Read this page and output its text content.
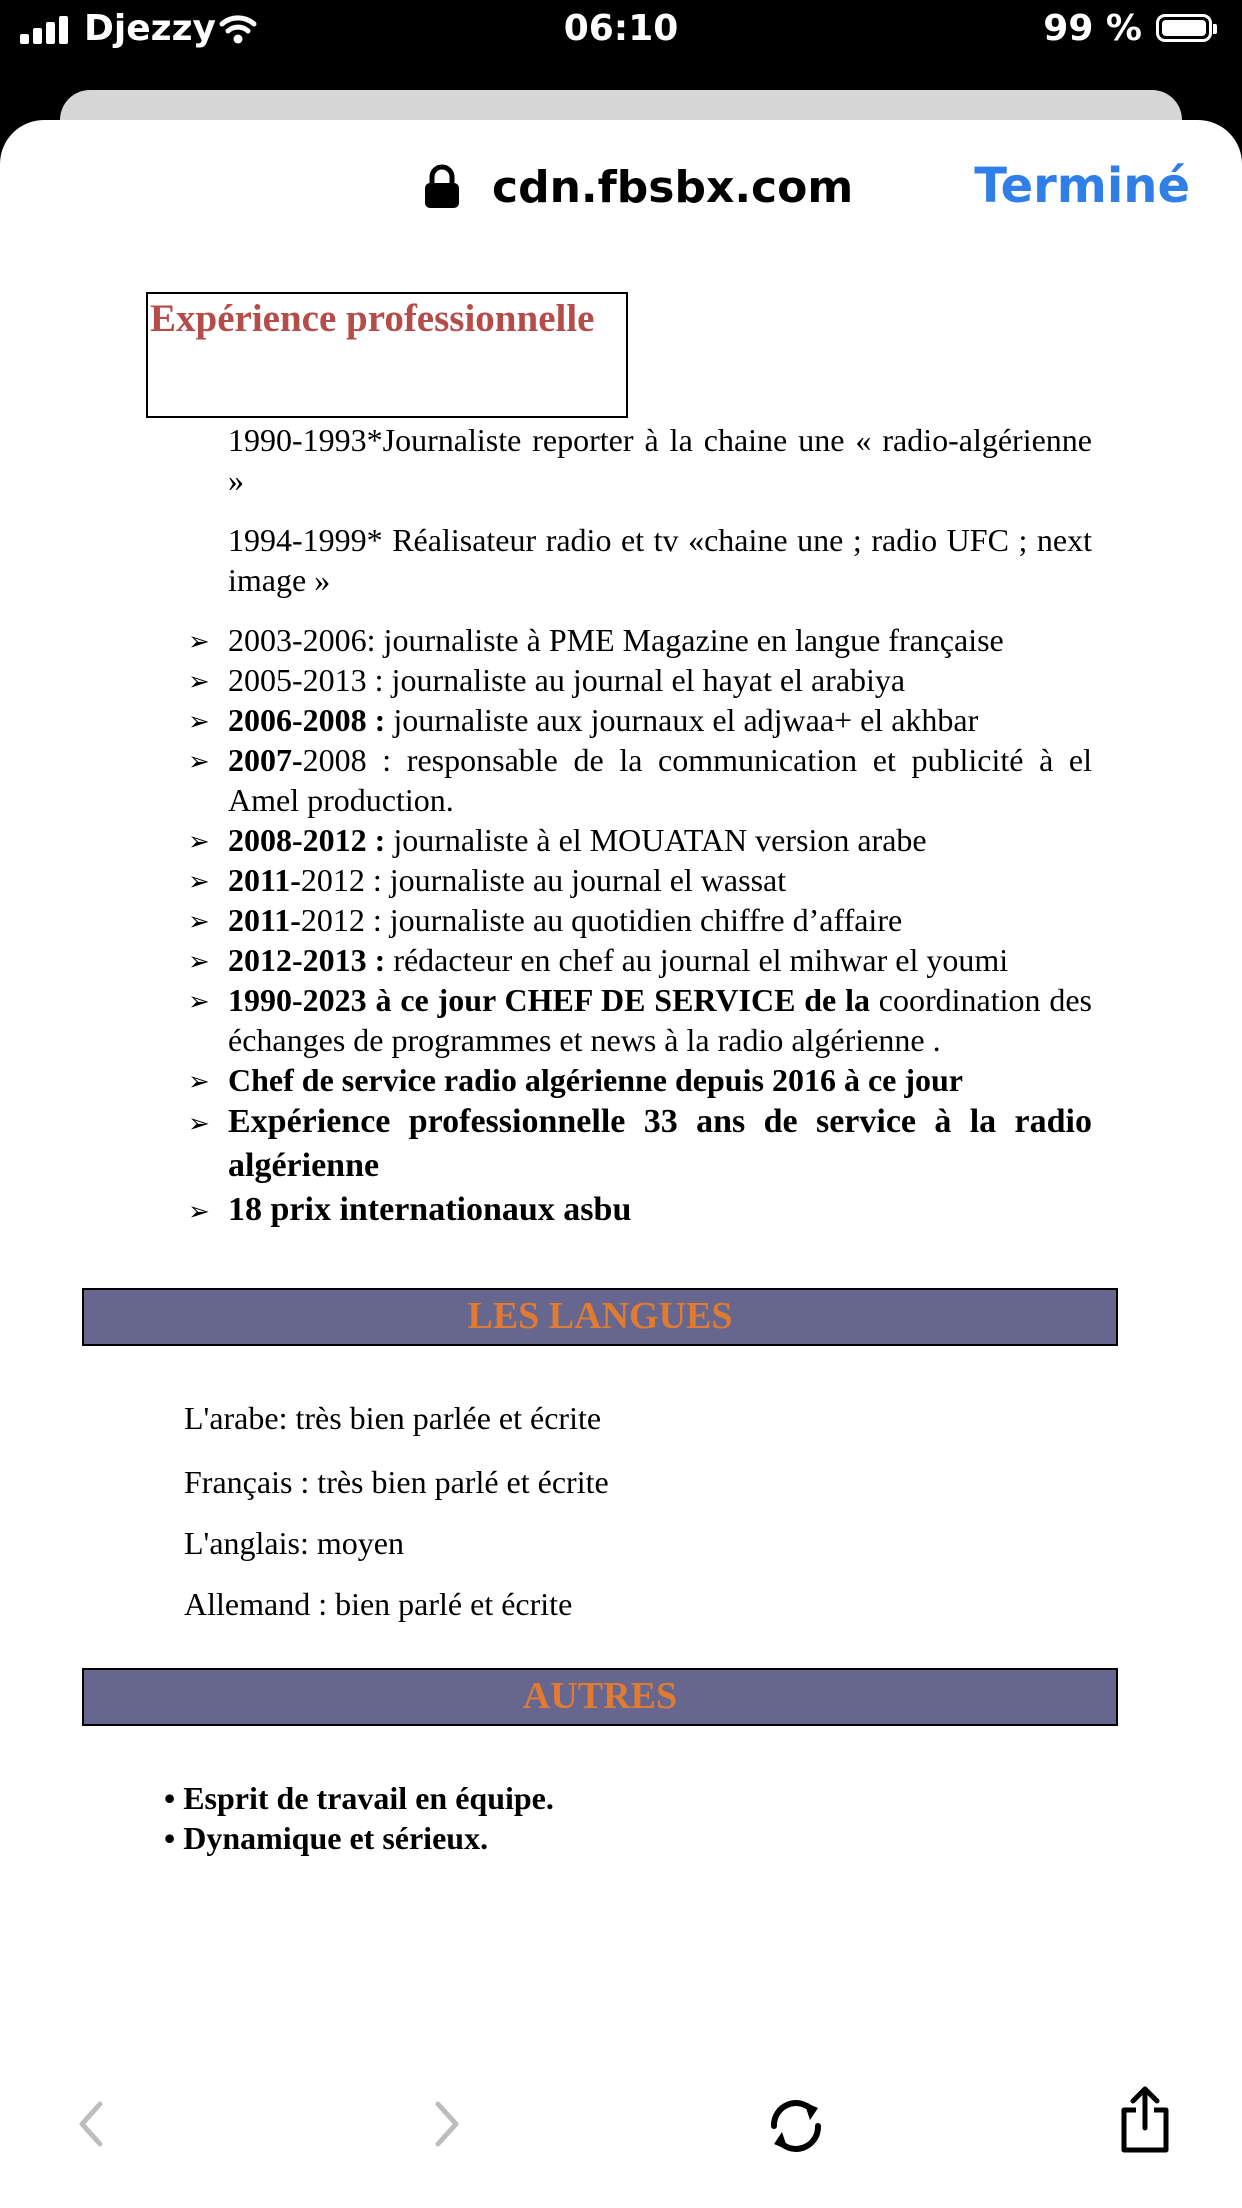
Djezzy	06:10	99 %
cdn.fbsbx.com	Terminé
Expérience professionnelle
1990-1993*Journaliste reporter à la chaine une « radio-algérienne »
1994-1999* Réalisateur radio et tv «chaine une ; radio UFC ; next image »
➢ 2003-2006: journaliste à PME Magazine en langue française
➢ 2005-2013 : journaliste au journal el hayat el arabiya
➢ 2006-2008 : journaliste aux journaux el adjwaa+ el akhbar
➢ 2007-2008 : responsable de la communication et publicité à el Amel production.
➢ 2008-2012 : journaliste à el MOUATAN version arabe
➢ 2011-2012 : journaliste au journal el wassat
➢ 2011-2012 : journaliste au quotidien chiffre d’affaire
➢ 2012-2013 : rédacteur en chef au journal el mihwar el youmi
➢ 1990-2023 à ce jour CHEF DE SERVICE de la coordination des échanges de programmes et news à la radio algérienne .
➢ Chef de service radio algérienne depuis 2016 à ce jour
➢ Expérience professionnelle 33 ans de service à la radio algérienne
➢ 18 prix internationaux asbu
LES LANGUES
L'arabe: très bien parlée et écrite
Français : très bien parlé et écrite
L'anglais: moyen
Allemand : bien parlé et écrite
AUTRES
• Esprit de travail en équipe.
• Dynamique et sérieux.
